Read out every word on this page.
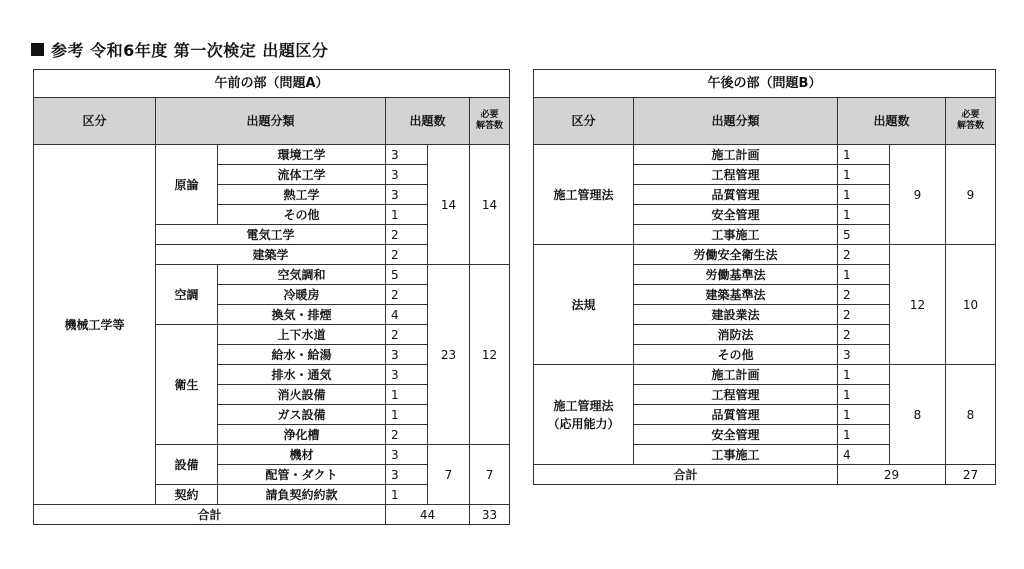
参考 令和6年度 第一次検定 出題区分
午前の部（問題A）					
区分	出題分類		出題数		必要
解答数
機械工学等	原論	環境工学	3	14	14
		流体工学	3		
		熱工学	3		
		その他	1		
	電気工学		2		
	建築学		2		
	空調	空気調和	5	23	12
		冷暖房	2		
		換気・排煙	4		
	衛生	上下水道	2		
		給水・給湯	3		
		排水・通気	3		
		消火設備	1		
		ガス設備	1		
		浄化槽	2		
	設備	機材	3	7	7
		配管・ダクト	3		
	契約	請負契約約款	1		
合計			44		33
午後の部（問題B）				
区分	出題分類	出題数		必要
解答数
施工管理法	施工計画	1	9	9
	工程管理	1		
	品質管理	1		
	安全管理	1		
	工事施工	5		
法規	労働安全衛生法	2	12	10
	労働基準法	1		
	建築基準法	2		
	建設業法	2		
	消防法	2		
	その他	3		
施工管理法
（応用能力）	施工計画	1	8	8
	工程管理	1		
	品質管理	1		
	安全管理	1		
	工事施工	4		
合計		29		27
